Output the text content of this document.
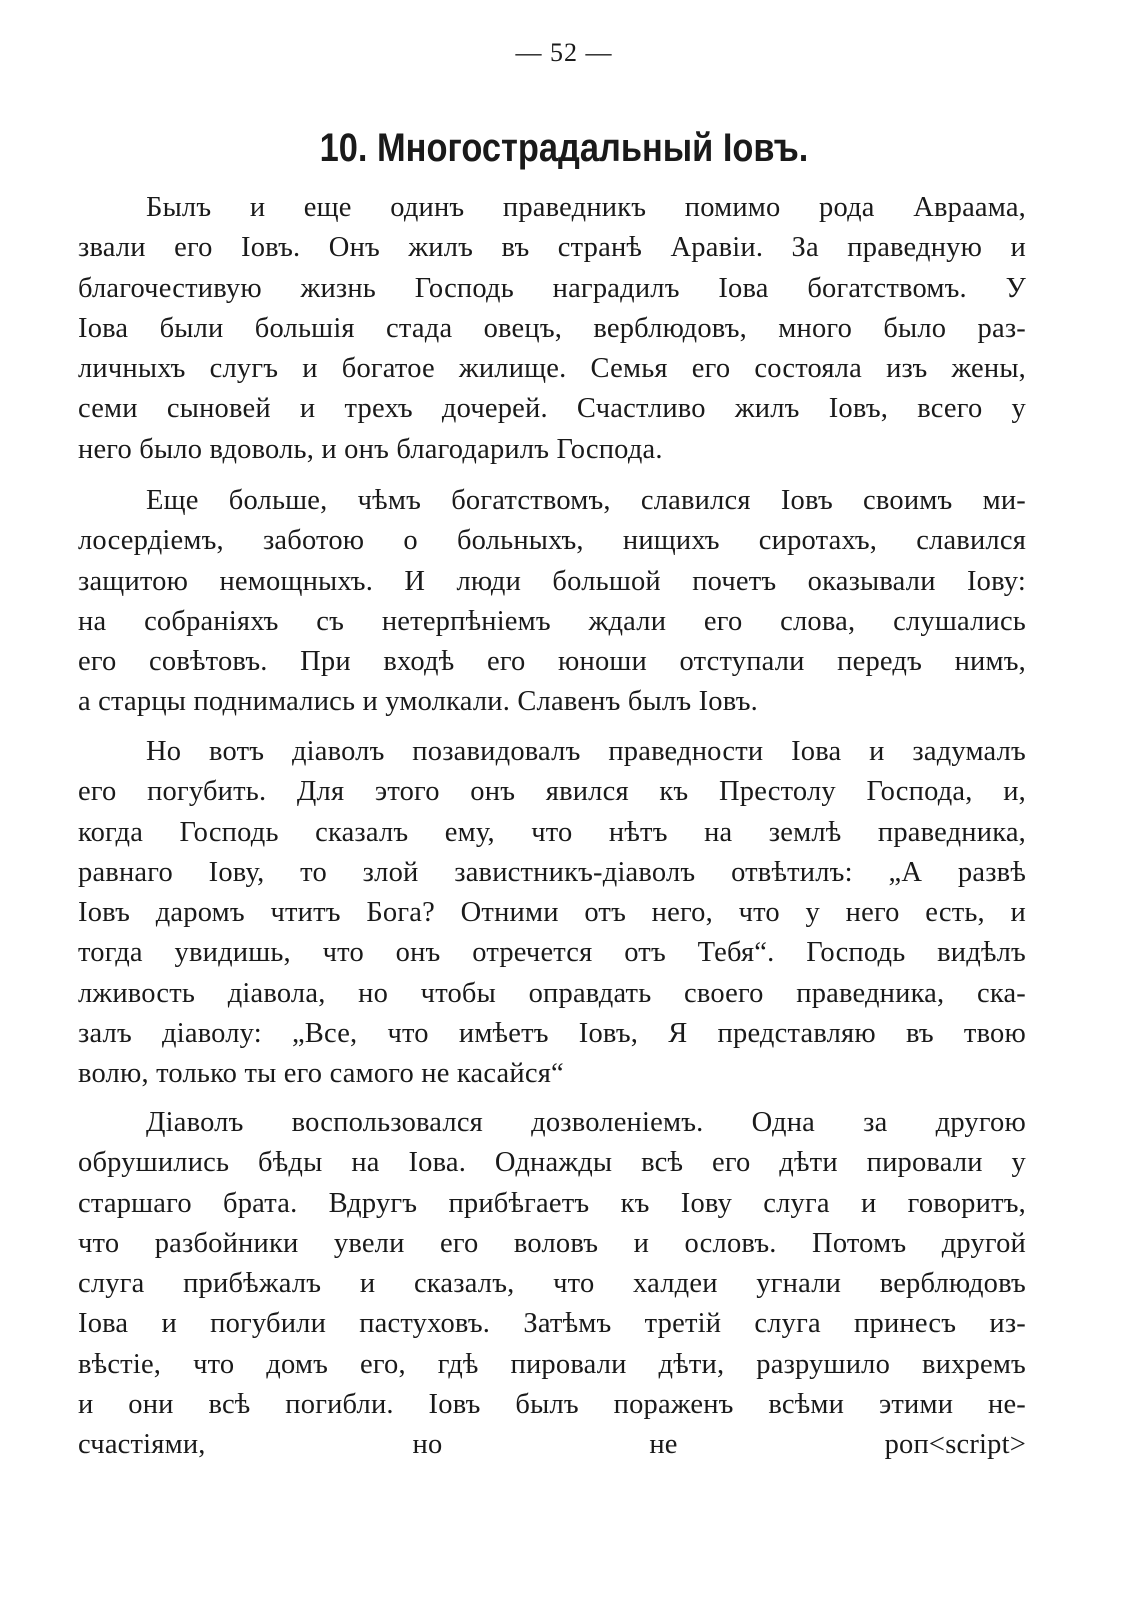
— 52 —
10. Многострадальный Іовъ.
Былъ и еще одинъ праведникъ помимо рода Авраама,
звали его Іовъ. Онъ жилъ въ странѣ Аравіи. За праведную и
благочестивую жизнь Господь наградилъ Іова богатствомъ. У
Іова были большія стада овецъ, верблюдовъ, много было раз-
личныхъ слугъ и богатое жилище. Семья его состояла изъ жены,
семи сыновей и трехъ дочерей. Счастливо жилъ Іовъ, всего у
него было вдоволь, и онъ благодарилъ Господа.
Еще больше, чѣмъ богатствомъ, славился Іовъ своимъ ми-
лосердіемъ, заботою о больныхъ, нищихъ сиротахъ, славился
защитою немощныхъ. И люди большой почетъ оказывали Іову:
на собраніяхъ съ нетерпѣніемъ ждали его слова, слушались
его совѣтовъ. При входѣ его юноши отступали передъ нимъ,
а старцы поднимались и умолкали. Славенъ былъ Іовъ.
Но вотъ діаволъ позавидовалъ праведности Іова и задумалъ
его погубить. Для этого онъ явился къ Престолу Господа, и,
когда Господь сказалъ ему, что нѣтъ на землѣ праведника,
равнаго Іову, то злой завистникъ-діаволъ отвѣтилъ: „А развѣ
Іовъ даромъ чтитъ Бога? Отними отъ него, что у него есть, и
тогда увидишь, что онъ отречется отъ Тебя“. Господь видѣлъ
лживость діавола, но чтобы оправдать своего праведника, ска-
залъ діаволу: „Все, что имѣетъ Іовъ, Я представляю въ твою
волю, только ты его самого не касайся“
Діаволъ воспользовался дозволеніемъ. Одна за другою
обрушились бѣды на Іова. Однажды всѣ его дѣти пировали у
старшаго брата. Вдругъ прибѣгаетъ къ Іову слуга и говоритъ,
что разбойники увели его воловъ и ословъ. Потомъ другой
слуга прибѣжалъ и сказалъ, что халдеи угнали верблюдовъ
Іова и погубили пастуховъ. Затѣмъ третій слуга принесъ из-
вѣстіе, что домъ его, гдѣ пировали дѣти, разрушило вихремъ
и они всѣ погибли. Іовъ былъ пораженъ всѣми этими не-
счастіями, но не роп<script>
